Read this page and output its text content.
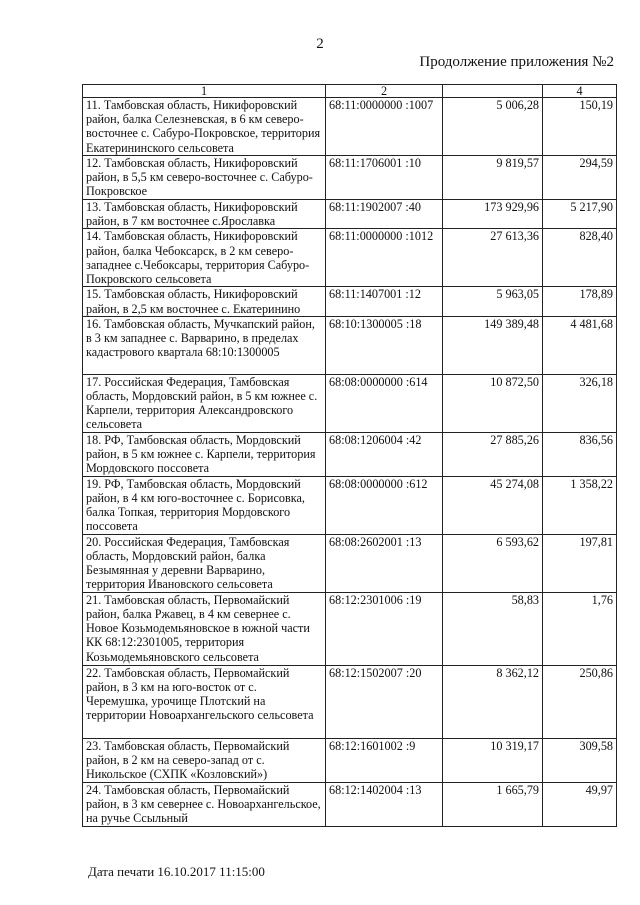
2
Продолжение приложения №2
1	2		4
11. Тамбовская область, Никифоровский район, балка Селезневская, в 6 км северо-восточнее с. Сабуро-Покровское, территория Екатерининского сельсовета	68:11:0000000 :1007	5 006,28	150,19
12. Тамбовская область, Никифоровский район, в 5,5 км северо-восточнее с. Сабуро-Покровское	68:11:1706001 :10	9 819,57	294,59
13. Тамбовская область, Никифоровский район, в 7 км восточнее с.Ярославка	68:11:1902007 :40	173 929,96	5 217,90
14. Тамбовская область, Никифоровский район, балка Чебоксарск, в 2 км северо-западнее с.Чебоксары, территория Сабуро-Покровского сельсовета	68:11:0000000 :1012	27 613,36	828,40
15. Тамбовская область, Никифоровский район, в 2,5 км восточнее с. Екатеринино	68:11:1407001 :12	5 963,05	178,89
16. Тамбовская область, Мучкапский район, в 3 км западнее с. Варварино, в пределах кадастрового квартала 68:10:1300005	68:10:1300005 :18	149 389,48	4 481,68
17. Российская Федерация, Тамбовская область, Мордовский район, в 5 км южнее с. Карпели, территория Александровского сельсовета	68:08:0000000 :614	10 872,50	326,18
18. РФ, Тамбовская область, Мордовский район, в 5 км южнее с. Карпели, территория Мордовского поссовета	68:08:1206004 :42	27 885,26	836,56
19. РФ, Тамбовская область, Мордовский район, в 4 км юго-восточнее с. Борисовка, балка Топкая, территория Мордовского поссовета	68:08:0000000 :612	45 274,08	1 358,22
20. Российская Федерация, Тамбовская область, Мордовский район, балка Безымянная у деревни Варварино, территория Ивановского сельсовета	68:08:2602001 :13	6 593,62	197,81
21. Тамбовская область, Первомайский район, балка Ржавец, в 4 км севернее с. Новое Козьмодемьяновское в южной части КК 68:12:2301005, территория Козьмодемьяновского сельсовета	68:12:2301006 :19	58,83	1,76
22. Тамбовская область, Первомайский район, в 3 км на юго-восток от с. Черемушка, урочище Плотский на территории Новоархангельского сельсовета	68:12:1502007 :20	8 362,12	250,86
23. Тамбовская область, Первомайский район, в 2 км на северо-запад от с. Никольское (СХПК «Козловский»)	68:12:1601002 :9	10 319,17	309,58
24. Тамбовская область, Первомайский район, в 3 км севернее с. Новоархангельское, на ручье Ссыльный	68:12:1402004 :13	1 665,79	49,97
Дата печати 16.10.2017 11:15:00
